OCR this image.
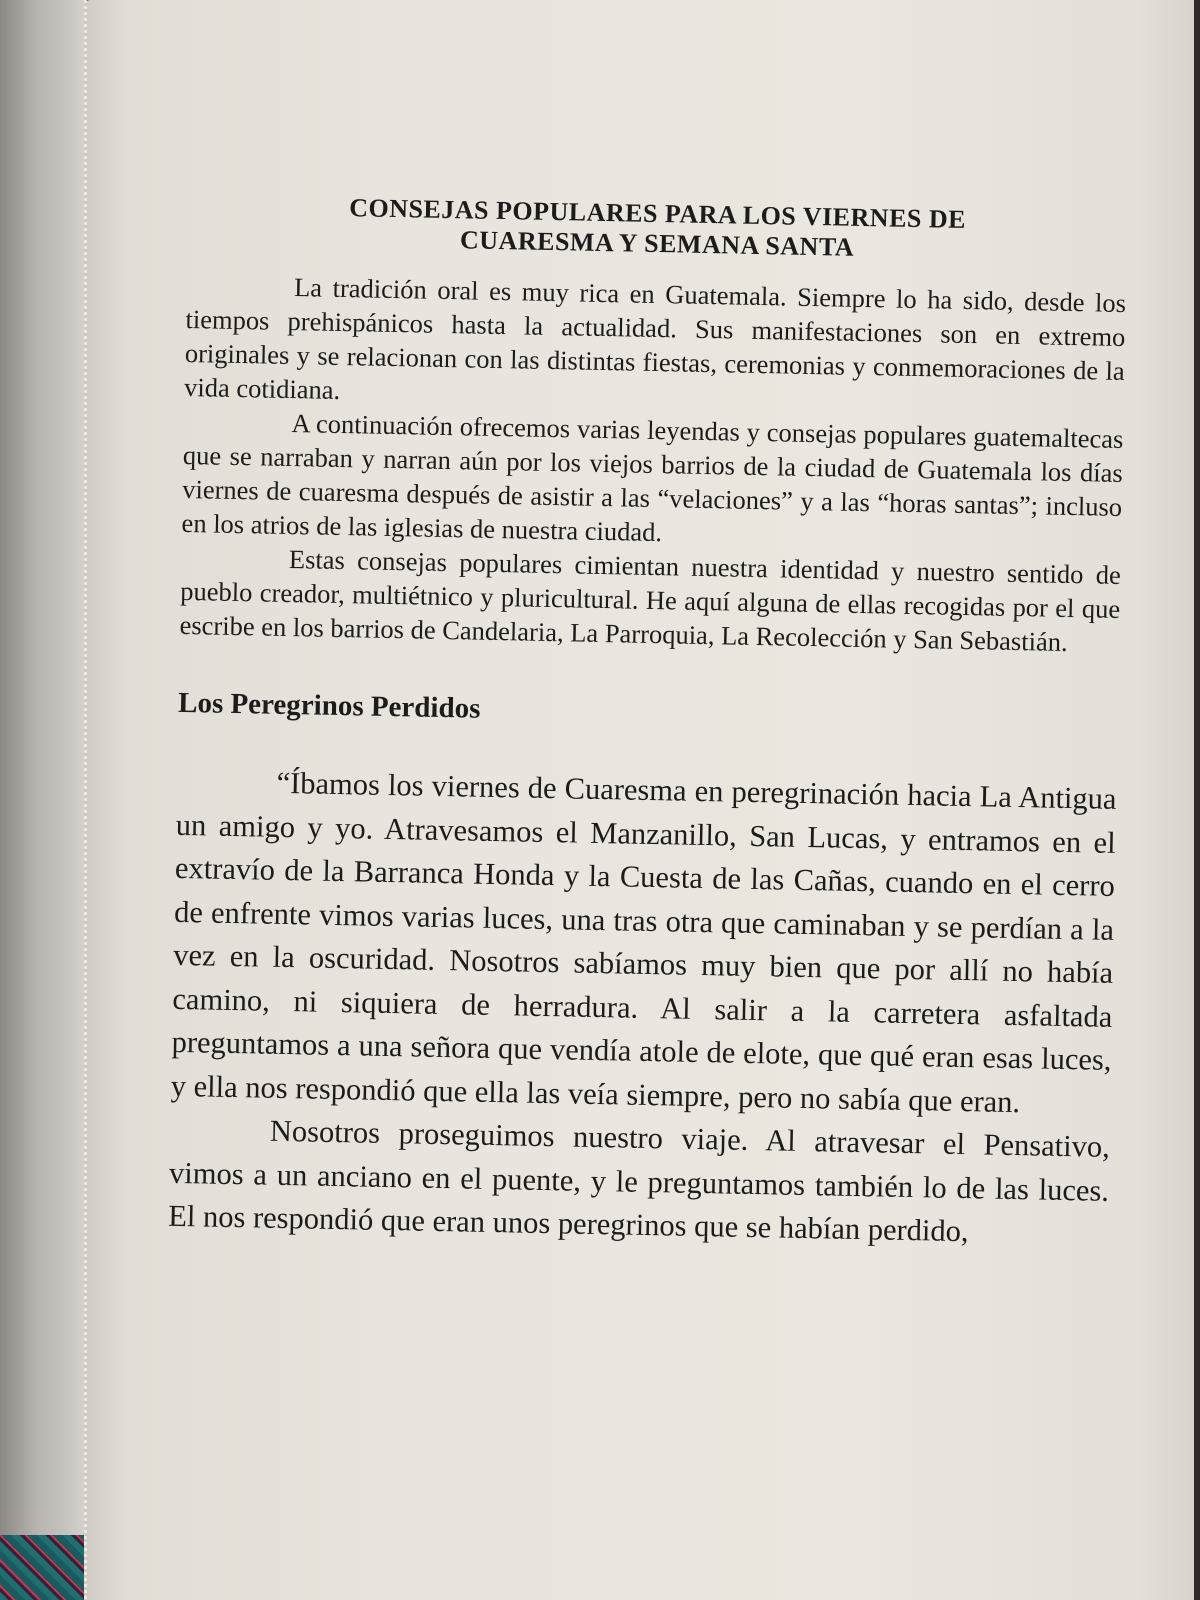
CONSEJAS POPULARES PARA LOS VIERNES DE
CUARESMA Y SEMANA SANTA

La tradición oral es muy rica en Guatemala. Siempre lo ha sido, desde los tiempos prehispánicos hasta la actualidad. Sus manifestaciones son en extremo originales y se relacionan con las distintas fiestas, ceremonias y conmemoraciones de la vida cotidiana.

A continuación ofrecemos varias leyendas y consejas populares guatemaltecas que se narraban y narran aún por los viejos barrios de la ciudad de Guatemala los días viernes de cuaresma después de asistir a las “velaciones” y a las “horas santas”; incluso en los atrios de las iglesias de nuestra ciudad.

Estas consejas populares cimientan nuestra identidad y nuestro sentido de pueblo creador, multiétnico y pluricultural. He aquí alguna de ellas recogidas por el que escribe en los barrios de Candelaria, La Parroquia, La Recolección y San Sebastián.

Los Peregrinos Perdidos

“Íbamos los viernes de Cuaresma en peregrinación hacia La Antigua un amigo y yo. Atravesamos el Manzanillo, San Lucas, y entramos en el extravío de la Barranca Honda y la Cuesta de las Cañas, cuando en el cerro de enfrente vimos varias luces, una tras otra que caminaban y se perdían a la vez en la oscuridad. Nosotros sabíamos muy bien que por allí no había camino, ni siquiera de herradura. Al salir a la carretera asfaltada preguntamos a una señora que vendía atole de elote, que qué eran esas luces, y ella nos respondió que ella las veía siempre, pero no sabía que eran.

Nosotros proseguimos nuestro viaje. Al atravesar el Pensativo, vimos a un anciano en el puente, y le preguntamos también lo de las luces. El nos respondió que eran unos peregrinos que se habían perdido,
